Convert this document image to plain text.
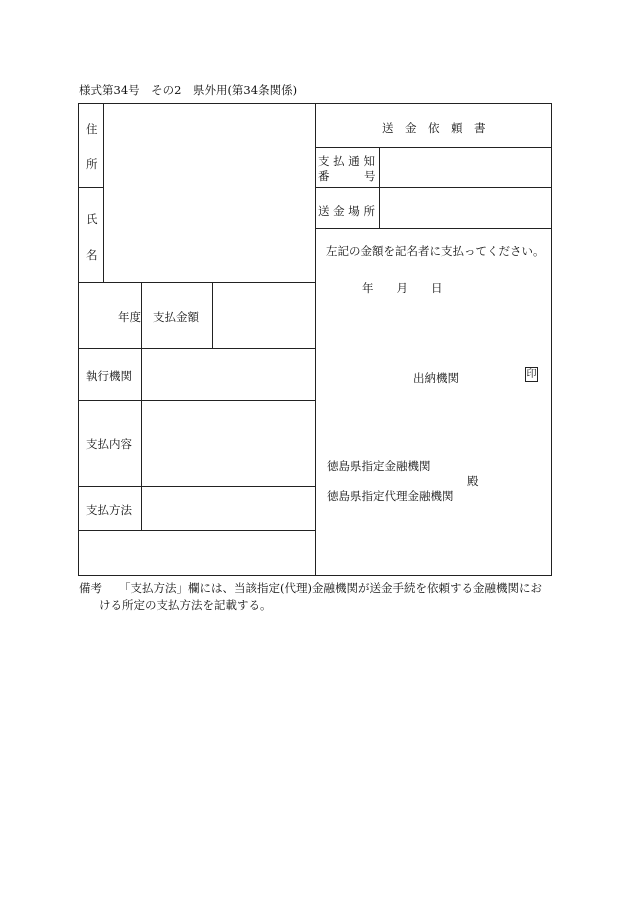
様式第34号　その2　県外用(第34条関係)
住
所
氏
名
年度 支払金額
執行機関
支払内容
支払方法
送　金　依　頼　書
支 払 通 知
番　　　号
送 金 場 所
左記の金額を記名者に支払ってください。
年　　月　　日
出納機関	印
徳島県指定金融機関
殿
徳島県指定代理金融機関
備考 「支払方法」欄には、当該指定(代理)金融機関が送金手続を依頼する金融機関にお
ける所定の支払方法を記載する。
